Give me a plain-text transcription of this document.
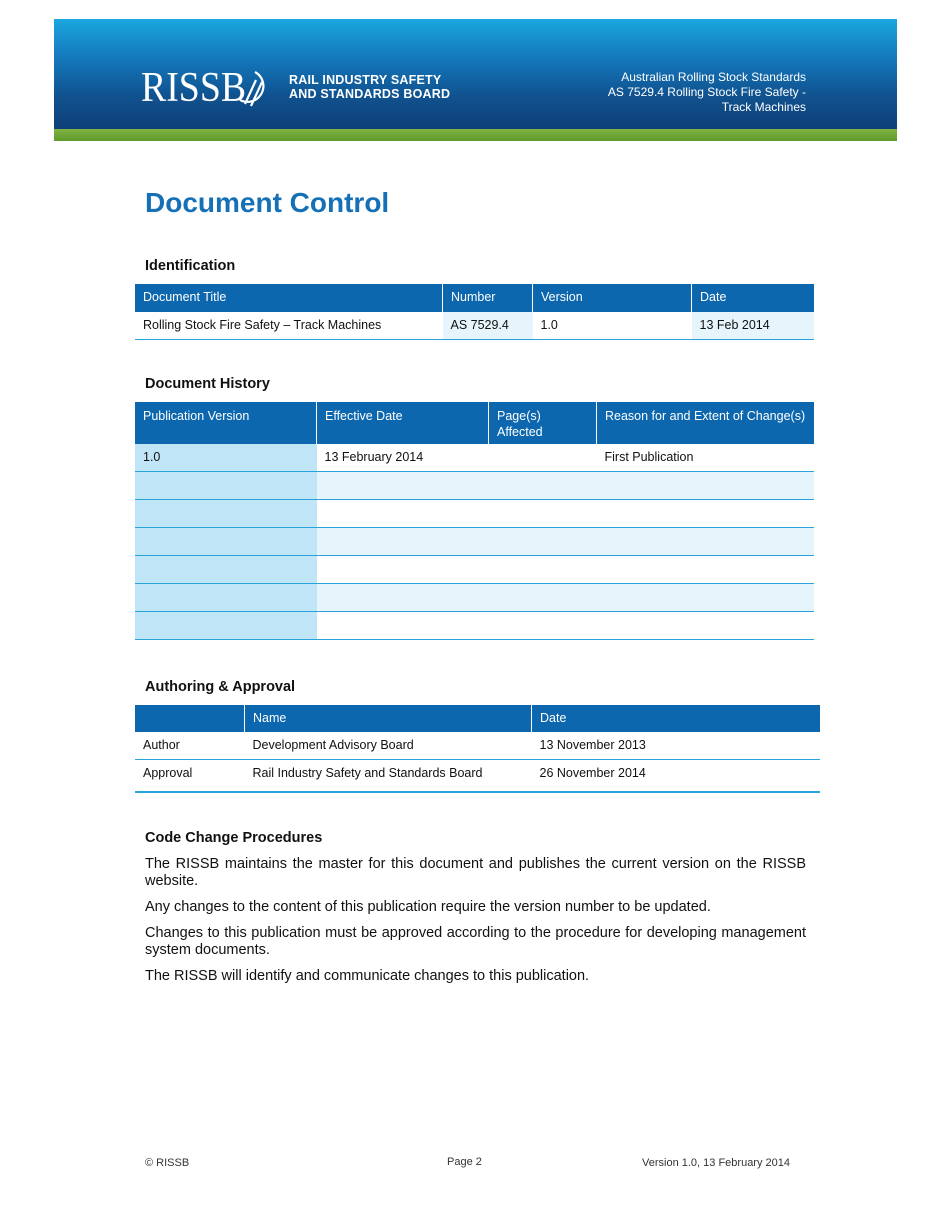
RISSB	RAIL INDUSTRY SAFETY
AND STANDARDS BOARD
Australian Rolling Stock Standards
AS 7529.4 Rolling Stock Fire Safety -
Track Machines
Document Control
Identification
Document Title	Number	Version	Date
Rolling Stock Fire Safety – Track Machines	AS 7529.4	1.0	13 Feb 2014
Document History
Publication Version	Effective Date	Page(s) Affected	Reason for and Extent of Change(s)
1.0	13 February 2014		First Publication

Authoring & Approval
	Name	Date
Author	Development Advisory Board	13 November 2013
Approval	Rail Industry Safety and Standards Board	26 November 2014
Code Change Procedures

The RISSB maintains the master for this document and publishes the current version on the RISSB website.

Any changes to the content of this publication require the version number to be updated.

Changes to this publication must be approved according to the procedure for developing management system documents.

The RISSB will identify and communicate changes to this publication.

© RISSB	Page 2	Version 1.0, 13 February 2014
